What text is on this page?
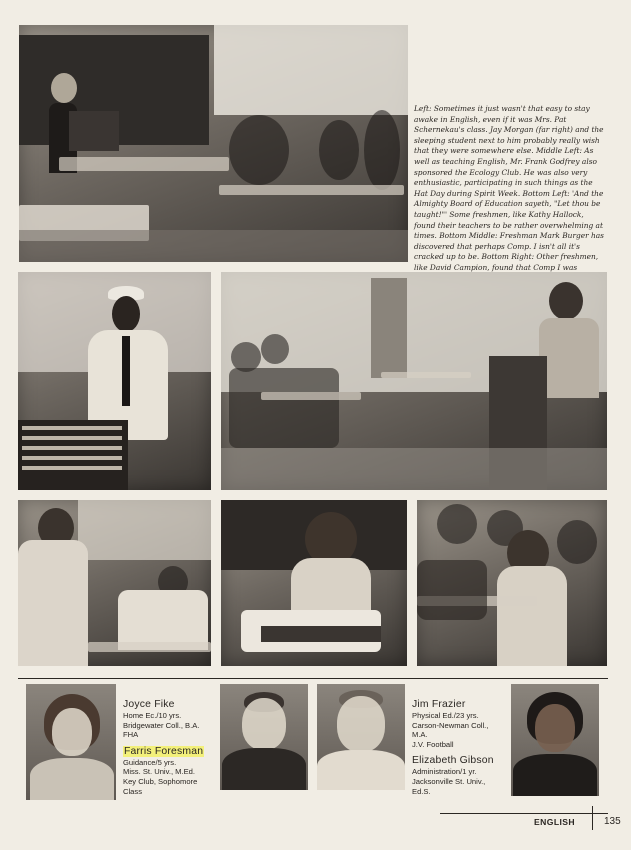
Left: Sometimes it just wasn't that easy to stay awake in English, even if it was Mrs. Pat Schernekau's class. Jay Morgan (far right) and the sleeping student next to him probably really wish that they were somewhere else. Middle Left: As well as teaching English, Mr. Frank Godfrey also sponsored the Ecology Club. He was also very enthusiastic, participating in such things as the Hat Day during Spirit Week. Bottom Left: 'And the Almighty Board of Education sayeth, "Let thou be taught!"' Some freshmen, like Kathy Hallock, found their teachers to be rather overwhelming at times. Bottom Middle: Freshman Mark Burger has discovered that perhaps Comp. I isn't all it's cracked up to be. Bottom Right: Other freshmen, like David Campion, found that Comp I was
Joyce Fike
Home Ec./10 yrs.
Bridgewater Coll., B.A.
FHA
Farris Foresman
Guidance/5 yrs.
Miss. St. Univ., M.Ed.
Key Club, Sophomore
Class
Jim Frazier
Physical Ed./23 yrs.
Carson-Newman Coll.,
M.A.
J.V. Football
Elizabeth Gibson
Administration/1 yr.
Jacksonville St. Univ.,
Ed.S.
ENGLISH	135
